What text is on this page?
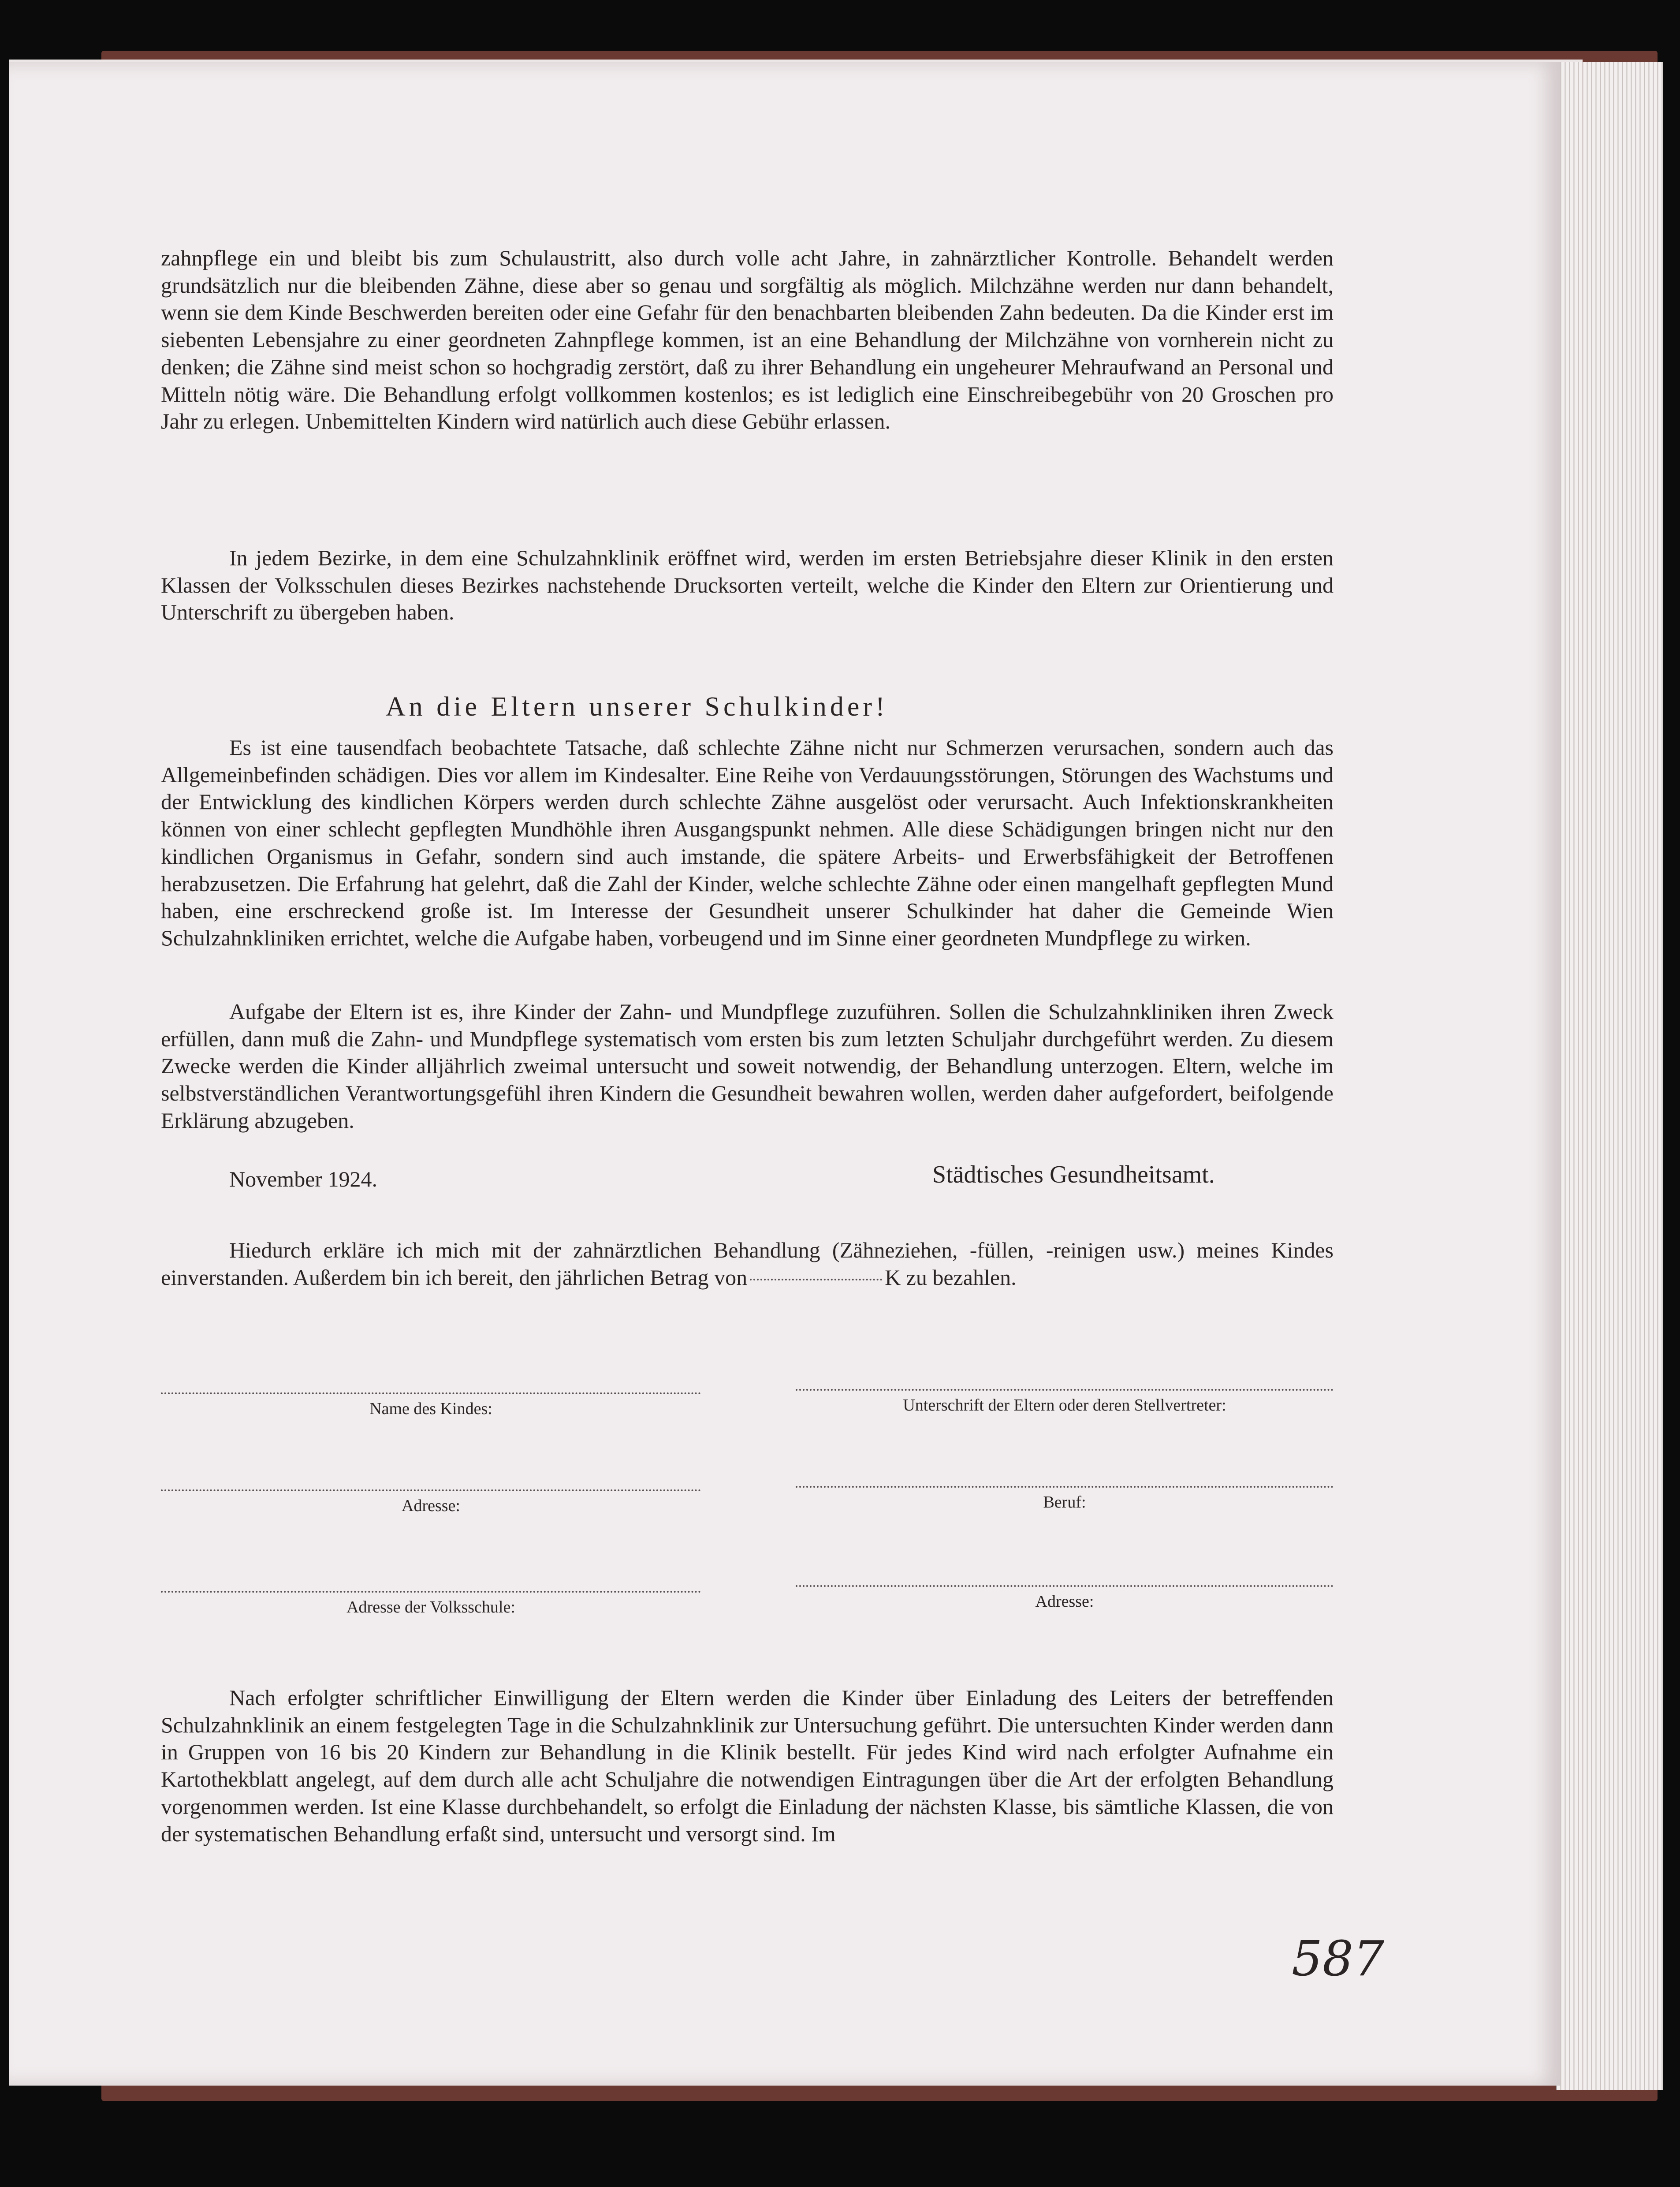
zahnpflege ein und bleibt bis zum Schulaustritt, also durch volle acht Jahre, in zahnärztlicher Kontrolle. Behandelt werden grundsätzlich nur die bleibenden Zähne, diese aber so genau und sorgfältig als möglich. Milchzähne werden nur dann behandelt, wenn sie dem Kinde Beschwerden bereiten oder eine Gefahr für den benachbarten bleibenden Zahn bedeuten. Da die Kinder erst im siebenten Lebensjahre zu einer geordneten Zahnpflege kommen, ist an eine Behandlung der Milchzähne von vornherein nicht zu denken; die Zähne sind meist schon so hochgradig zerstört, daß zu ihrer Behandlung ein ungeheurer Mehraufwand an Personal und Mitteln nötig wäre. Die Behandlung erfolgt vollkommen kostenlos; es ist lediglich eine Einschreibegebühr von 20 Groschen pro Jahr zu erlegen. Unbemittelten Kindern wird natürlich auch diese Gebühr erlassen.

In jedem Bezirke, in dem eine Schulzahnklinik eröffnet wird, werden im ersten Betriebsjahre dieser Klinik in den ersten Klassen der Volksschulen dieses Bezirkes nachstehende Drucksorten verteilt, welche die Kinder den Eltern zur Orientierung und Unterschrift zu übergeben haben.

An die Eltern unserer Schulkinder!

Es ist eine tausendfach beobachtete Tatsache, daß schlechte Zähne nicht nur Schmerzen verursachen, sondern auch das Allgemeinbefinden schädigen. Dies vor allem im Kindesalter. Eine Reihe von Verdauungsstörungen, Störungen des Wachstums und der Entwicklung des kindlichen Körpers werden durch schlechte Zähne ausgelöst oder verursacht. Auch Infektionskrankheiten können von einer schlecht gepflegten Mundhöhle ihren Ausgangspunkt nehmen. Alle diese Schädigungen bringen nicht nur den kindlichen Organismus in Gefahr, sondern sind auch imstande, die spätere Arbeits- und Erwerbsfähigkeit der Betroffenen herabzusetzen. Die Erfahrung hat gelehrt, daß die Zahl der Kinder, welche schlechte Zähne oder einen mangelhaft gepflegten Mund haben, eine erschreckend große ist. Im Interesse der Gesundheit unserer Schulkinder hat daher die Gemeinde Wien Schulzahnkliniken errichtet, welche die Aufgabe haben, vorbeugend und im Sinne einer geordneten Mundpflege zu wirken.

Aufgabe der Eltern ist es, ihre Kinder der Zahn- und Mundpflege zuzuführen. Sollen die Schulzahnkliniken ihren Zweck erfüllen, dann muß die Zahn- und Mundpflege systematisch vom ersten bis zum letzten Schuljahr durchgeführt werden. Zu diesem Zwecke werden die Kinder alljährlich zweimal untersucht und soweit notwendig, der Behandlung unterzogen. Eltern, welche im selbstverständlichen Verantwortungsgefühl ihren Kindern die Gesundheit bewahren wollen, werden daher aufgefordert, beifolgende Erklärung abzugeben.

November 1924.	Städtisches Gesundheitsamt.

Hiedurch erkläre ich mich mit der zahnärztlichen Behandlung (Zähneziehen, -füllen, -reinigen usw.) meines Kindes einverstanden. Außerdem bin ich bereit, den jährlichen Betrag von	K zu bezahlen.

Name des Kindes:	Unterschrift der Eltern oder deren Stellvertreter:
Adresse:	Beruf:
Adresse der Volksschule:	Adresse:

Nach erfolgter schriftlicher Einwilligung der Eltern werden die Kinder über Einladung des Leiters der betreffenden Schulzahnklinik an einem festgelegten Tage in die Schulzahnklinik zur Untersuchung geführt. Die untersuchten Kinder werden dann in Gruppen von 16 bis 20 Kindern zur Behandlung in die Klinik bestellt. Für jedes Kind wird nach erfolgter Aufnahme ein Kartothekblatt angelegt, auf dem durch alle acht Schuljahre die notwendigen Eintragungen über die Art der erfolgten Behandlung vorgenommen werden. Ist eine Klasse durchbehandelt, so erfolgt die Einladung der nächsten Klasse, bis sämtliche Klassen, die von der systematischen Behandlung erfaßt sind, untersucht und versorgt sind. Im

587
